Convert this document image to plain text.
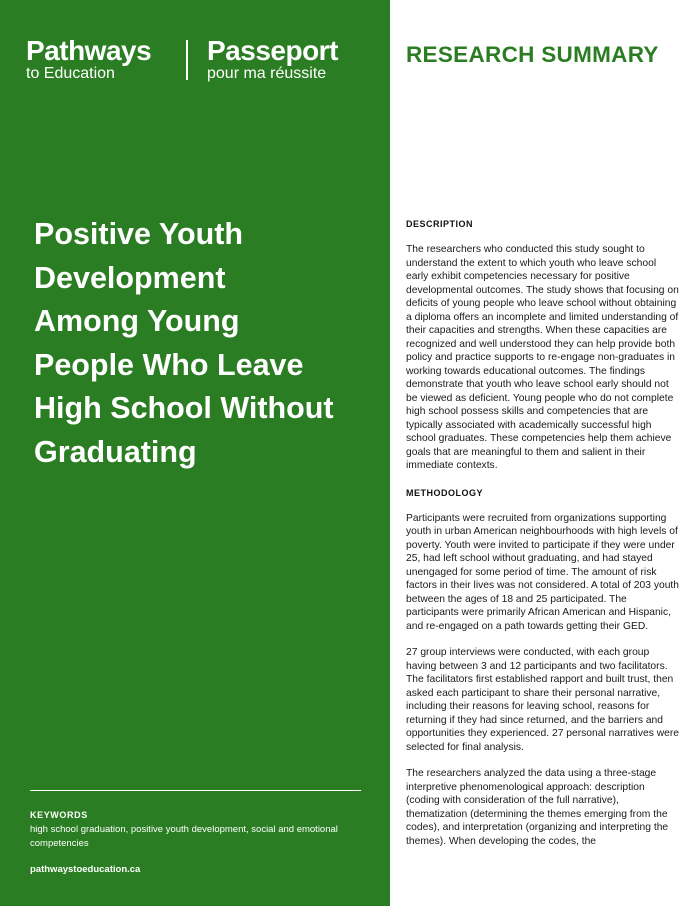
Pathways
to Education
Passeport
pour ma réussite
Positive Youth
Development
Among Young
People Who Leave
High School Without
Graduating
KEYWORDS
high school graduation, positive youth development, social and emotional competencies
pathwaystoeducation.ca
RESEARCH SUMMARY
DESCRIPTION

The researchers who conducted this study sought to understand the extent to which youth who leave school early exhibit competencies necessary for positive developmental outcomes. The study shows that focusing on deficits of young people who leave school without obtaining a diploma offers an incomplete and limited understanding of their capacities and strengths. When these capacities are recognized and well understood they can help provide both policy and practice supports to re-engage non-graduates in working towards educational outcomes. The findings demonstrate that youth who leave school early should not be viewed as deficient. Young people who do not complete high school possess skills and competencies that are typically associated with academically successful high school graduates. These competencies help them achieve goals that are meaningful to them and salient in their immediate contexts.

METHODOLOGY

Participants were recruited from organizations supporting youth in urban American neighbourhoods with high levels of poverty. Youth were invited to participate if they were under 25, had left school without graduating, and had stayed unengaged for some period of time. The amount of risk factors in their lives was not considered. A total of 203 youth between the ages of 18 and 25 participated. The participants were primarily African American and Hispanic, and re-engaged on a path towards getting their GED.

27 group interviews were conducted, with each group having between 3 and 12 participants and two facilitators. The facilitators first established rapport and built trust, then asked each participant to share their personal narrative, including their reasons for leaving school, reasons for returning if they had since returned, and the barriers and opportunities they experienced. 27 personal narratives were selected for final analysis.

The researchers analyzed the data using a three-stage interpretive phenomenological approach: description (coding with consideration of the full narrative), thematization (determining the themes emerging from the codes), and interpretation (organizing and interpreting the themes). When developing the codes, the
